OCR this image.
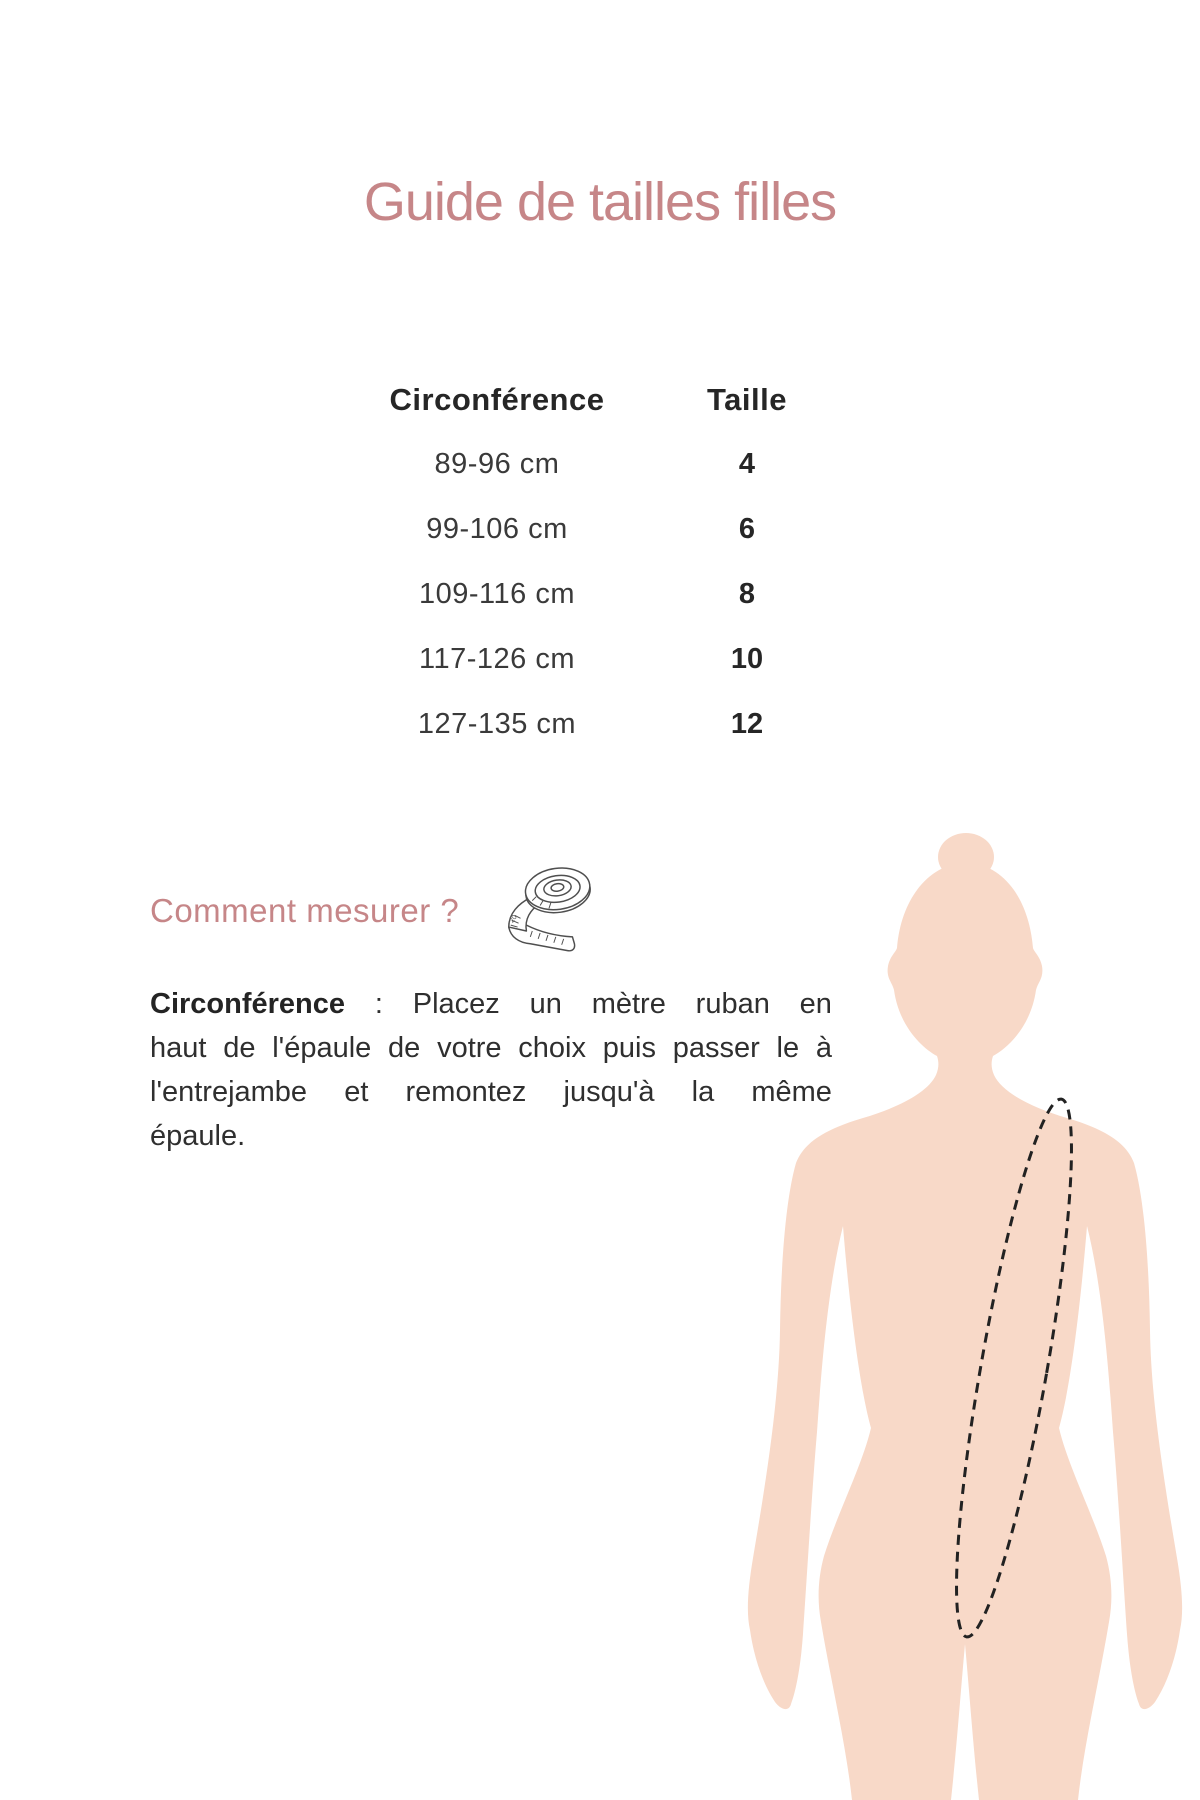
Guide de tailles filles
Circonférence	Taille
89-96 cm	4
99-106 cm	6
109-116 cm	8
117-126 cm	10
127-135 cm	12
Comment mesurer ?	20
Circonférence : Placez un mètre ruban en
haut de l'épaule de votre choix puis passer le à
l'entrejambe et remontez jusqu'à la même
épaule.
